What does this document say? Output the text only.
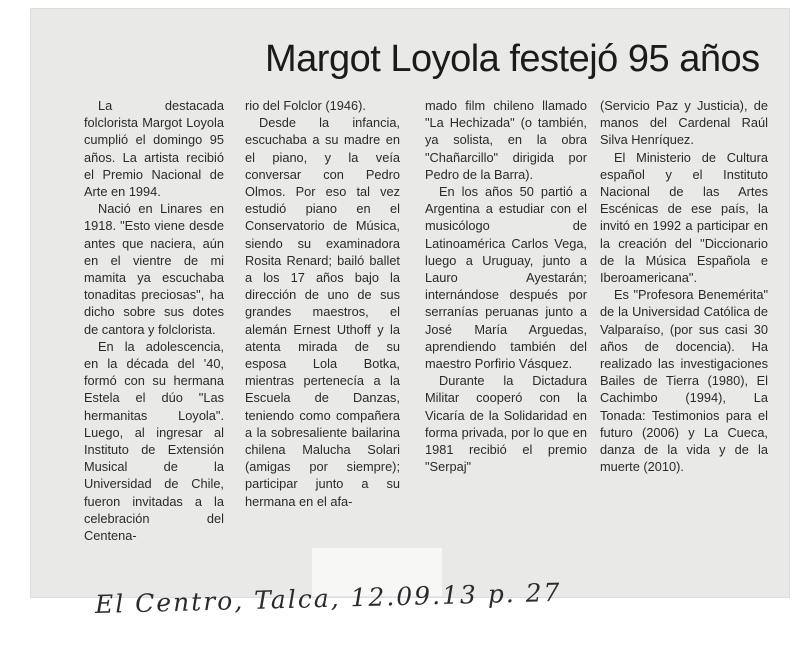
Margot Loyola festejó 95 años

La destacada folclorista Margot Loyola cumplió el domingo 95 años. La artista recibió el Premio Nacional de Arte en 1994.

Nació en Linares en 1918. "Esto viene desde antes que naciera, aún en el vientre de mi mamita ya escuchaba tonaditas preciosas", ha dicho sobre sus dotes de cantora y folclorista.

En la adolescencia, en la década del '40, formó con su hermana Estela el dúo "Las hermanitas Loyola". Luego, al ingresar al Instituto de Extensión Musical de la Universidad de Chile, fueron invitadas a la celebración del Centena-

rio del Folclor (1946).

Desde la infancia, escuchaba a su madre en el piano, y la veía conversar con Pedro Olmos. Por eso tal vez estudió piano en el Conservatorio de Música, siendo su examinadora Rosita Renard; bailó ballet a los 17 años bajo la dirección de uno de sus grandes maestros, el alemán Ernest Uthoff y la atenta mirada de su esposa Lola Botka, mientras pertenecía a la Escuela de Danzas, teniendo como compañera a la sobresaliente bailarina chilena Malucha Solari (amigas por siempre); participar junto a su hermana en el afa-

mado film chileno llamado "La Hechizada" (o también, ya solista, en la obra "Chañarcillo" dirigida por Pedro de la Barra).

En los años 50 partió a Argentina a estudiar con el musicólogo de Latinoamérica Carlos Vega, luego a Uruguay, junto a Lauro Ayestarán; internándose después por serranías peruanas junto a José María Arguedas, aprendiendo también del maestro Porfirio Vásquez.

Durante la Dictadura Militar cooperó con la Vicaría de la Solidaridad en forma privada, por lo que en 1981 recibió el premio "Serpaj"

(Servicio Paz y Justicia), de manos del Cardenal Raúl Silva Henríquez.

El Ministerio de Cultura español y el Instituto Nacional de las Artes Escénicas de ese país, la invitó en 1992 a participar en la creación del "Diccionario de la Música Española e Iberoamericana".

Es "Profesora Benemérita" de la Universidad Católica de Valparaíso, (por sus casi 30 años de docencia). Ha realizado las investigaciones Bailes de Tierra (1980), El Cachimbo (1994), La Tonada: Testimonios para el futuro (2006) y La Cueca, danza de la vida y de la muerte (2010).

El Centro, Talca, 12.09.13 p. 27
